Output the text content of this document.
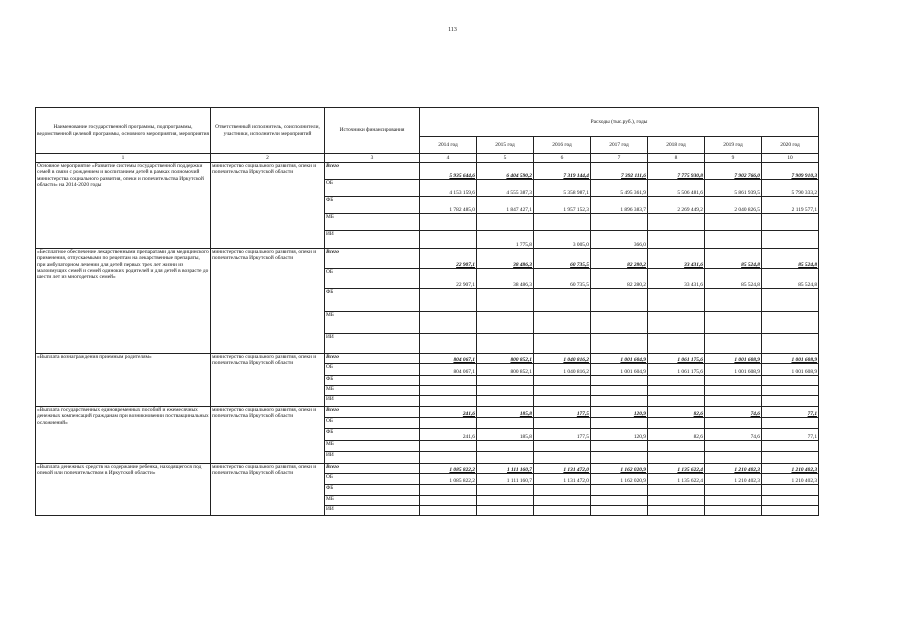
113
Наименование государственной программы, подпрограммы, ведомственной целевой программы, основного мероприятия, мероприятия	Ответственный исполнитель, соисполнители, участники, исполнители мероприятий	Источники финансирования	Расходы (тыс.руб.), годы						
			2014 год	2015 год	2016 год	2017 год	2018 год	2019 год	2020 год
1	2	3	4	5	6	7	8	9	10
Основное мероприятие «Развитие системы государственной поддержки семей в связи с рождением и воспитанием детей в рамках полномочий министерства социального развития, опеки и попечительства Иркутской области» на 2014-2020 годы	министерство социального развития, опеки и попечительства Иркутской области	Всего	5 935 644,6	6 404 590,2	7 319 144,4	7 392 111,6	7 775 930,8	7 902 766,0	7 909 910,3
		ОБ	4 153 159,6	4 555 387,3	5 358 987,1	5 495 361,9	5 506 481,6	5 861 939,5	5 790 333,2
		ФБ	1 782 485,0	1 847 427,1	1 957 152,3	1 896 383,7	2 269 449,2	2 040 826,5	2 119 577,1
		МБ							
		ИИ		1 775,8	3 005,0	366,0			
«Бесплатное обеспечение лекарственными препаратами для медицинского применения, отпускаемыми по рецептам на лекарственные препараты, при амбулаторном лечении для детей первых трех лет жизни из малоимущих семей и семей одиноких родителей и для детей в возрасте до шести лет из многодетных семей»	министерство социального развития, опеки и попечительства Иркутской области	Всего	22 907,1	38 486,3	60 735,5	82 280,2	33 431,6	85 524,8	85 524,8
		ОБ	22 907,1	38 486,3	60 735,5	82 280,2	33 431,6	85 524,8	85 524,8
		ФБ							
		МБ							
		ИИ							
«Выплата вознаграждения приемным родителям»	министерство социального развития, опеки и попечительства Иркутской области	Всего	804 067,1	800 852,1	1 040 816,2	1 001 604,9	1 061 175,6	1 001 608,9	1 001 608,9
		ОБ	804 067,1	800 852,1	1 040 816,2	1 001 604,9	1 061 175,6	1 001 608,9	1 001 608,9
		ФБ							
		МБ							
		ИИ							
«Выплата государственных единовременных пособий и ежемесячных денежных компенсаций гражданам при возникновении поствакцинальных осложнений»	министерство социального развития, опеки и попечительства Иркутской области	Всего	241,6	185,8	177,5	120,9	82,6	74,6	77,1
		ОБ							
		ФБ	241,6	185,8	177,5	120,9	82,6	74,6	77,1
		МБ							
		ИИ							
«Выплата денежных средств на содержание ребенка, находящегося под опекой или попечительством в Иркутской области»	министерство социального развития, опеки и попечительства Иркутской области	Всего	1 085 822,2	1 111 160,7	1 131 472,0	1 162 020,9	1 135 622,4	1 210 402,3	1 210 402,3
		ОБ	1 085 822,2	1 111 160,7	1 131 472,0	1 162 020,9	1 135 622,4	1 210 402,3	1 210 402,3
		ФБ							
		МБ							
		ИИ							
